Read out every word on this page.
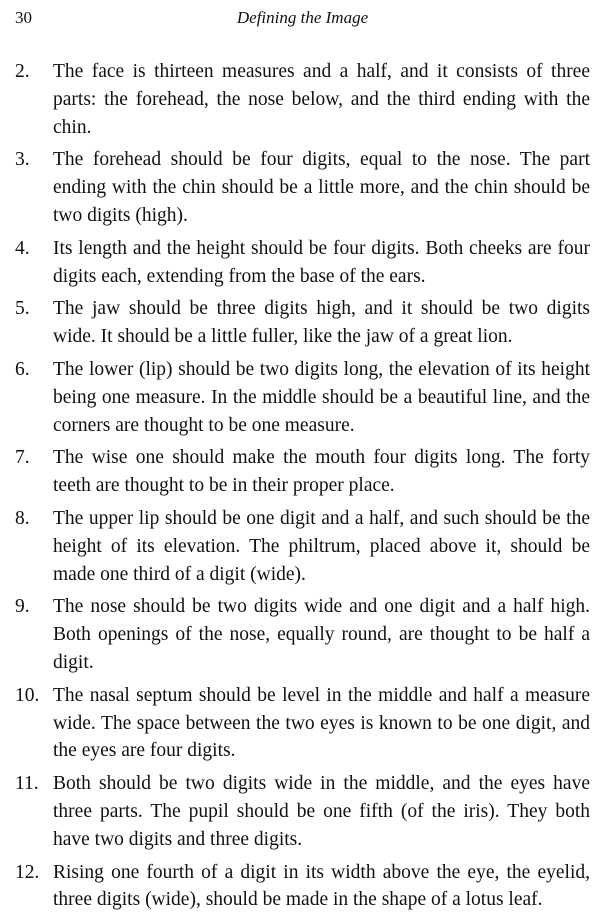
30	Defining the Image
2. The face is thirteen measures and a half, and it consists of three parts: the forehead, the nose below, and the third ending with the chin.
3. The forehead should be four digits, equal to the nose. The part ending with the chin should be a little more, and the chin should be two digits (high).
4. Its length and the height should be four digits. Both cheeks are four digits each, extending from the base of the ears.
5. The jaw should be three digits high, and it should be two digits wide. It should be a little fuller, like the jaw of a great lion.
6. The lower (lip) should be two digits long, the elevation of its height being one measure. In the middle should be a beautiful line, and the corners are thought to be one measure.
7. The wise one should make the mouth four digits long. The forty teeth are thought to be in their proper place.
8. The upper lip should be one digit and a half, and such should be the height of its elevation. The philtrum, placed above it, should be made one third of a digit (wide).
9. The nose should be two digits wide and one digit and a half high. Both openings of the nose, equally round, are thought to be half a digit.
10. The nasal septum should be level in the middle and half a measure wide. The space between the two eyes is known to be one digit, and the eyes are four digits.
11. Both should be two digits wide in the middle, and the eyes have three parts. The pupil should be one fifth (of the iris). They both have two digits and three digits.
12. Rising one fourth of a digit in its width above the eye, the eyelid, three digits (wide), should be made in the shape of a lotus leaf.
